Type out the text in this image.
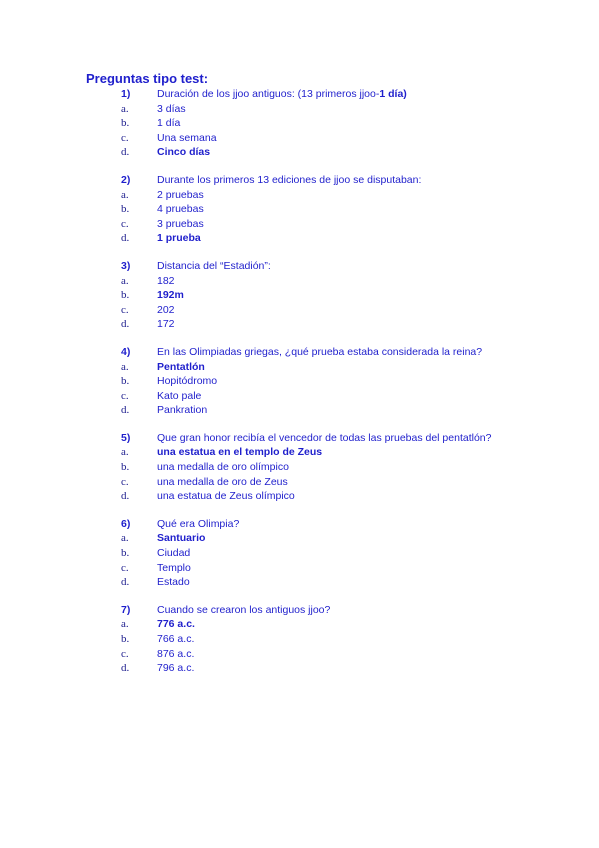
Preguntas tipo test:
1)	Duración de los jjoo antiguos: (13 primeros jjoo-1 día)
a.	3 días
b.	1 día
c.	Una semana
d.	Cinco días
2)	Durante los primeros 13 ediciones de jjoo se disputaban:
a.	2 pruebas
b.	4 pruebas
c.	3 pruebas
d.	1 prueba
3)	Distancia del “Estadión”:
a.	182
b.	192m
c.	202
d.	172
4)	En las Olimpiadas griegas, ¿qué prueba estaba considerada la reina?
a.	Pentatlón
b.	Hopitódromo
c.	Kato pale
d.	Pankration
5)	Que gran honor recibía el vencedor de todas las pruebas del pentatlón?
a.	una estatua en el templo de Zeus
b.	una medalla de oro olímpico
c.	una medalla de oro de Zeus
d.	una estatua de Zeus olímpico
6)	Qué era Olimpia?
a.	Santuario
b.	Ciudad
c.	Templo
d.	Estado
7)	Cuando se crearon los antiguos jjoo?
a.	776 a.c.
b.	766 a.c.
c.	876 a.c.
d.	796 a.c.
